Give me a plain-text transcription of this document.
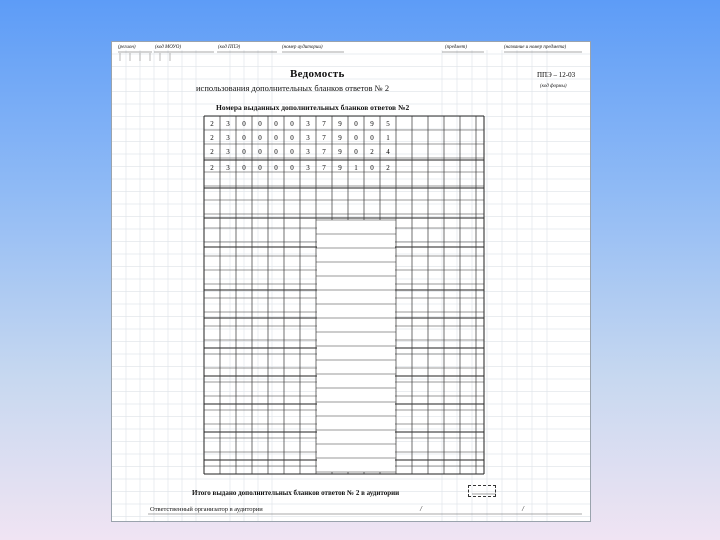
(регион)	(код МОУО)	(код ППЭ)	(номер аудитории)	(предмет)	(название и номер предмета)
Ведомость
использования дополнительных бланков ответов № 2
ППЭ – 12-03
(код формы)
Номера выданных дополнительных бланков ответов №2
2	3	0	0	0	0	3	7	9	0	9	5
2	3	0	0	0	0	3	7	9	0	0	1
2	3	0	0	0	0	3	7	9	0	2	4
2	3	0	0	0	0	3	7	9	1	0	2
Итого выдано дополнительных бланков ответов № 2 в аудитории
Ответственный организатор в аудитории	/	/
